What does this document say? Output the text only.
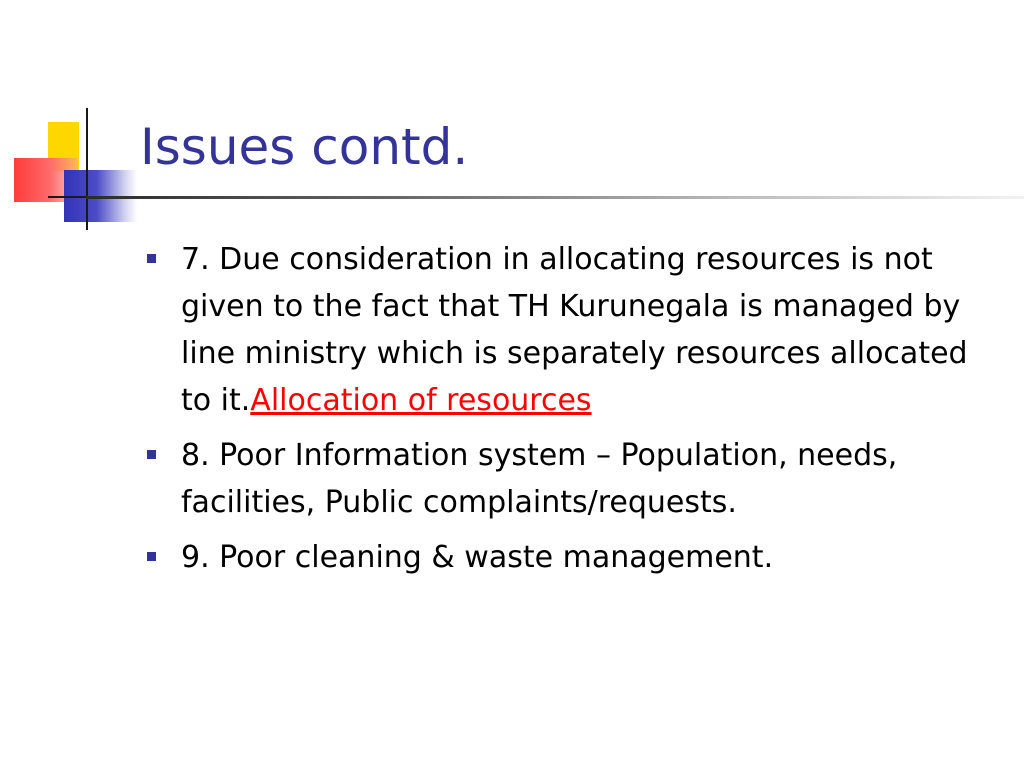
Issues contd.
7. Due consideration in allocating resources is not given to the fact that TH Kurunegala is managed by line ministry which is separately resources allocated to it.Allocation of resources
8. Poor Information system – Population, needs, facilities, Public complaints/requests.
9. Poor cleaning & waste management.
